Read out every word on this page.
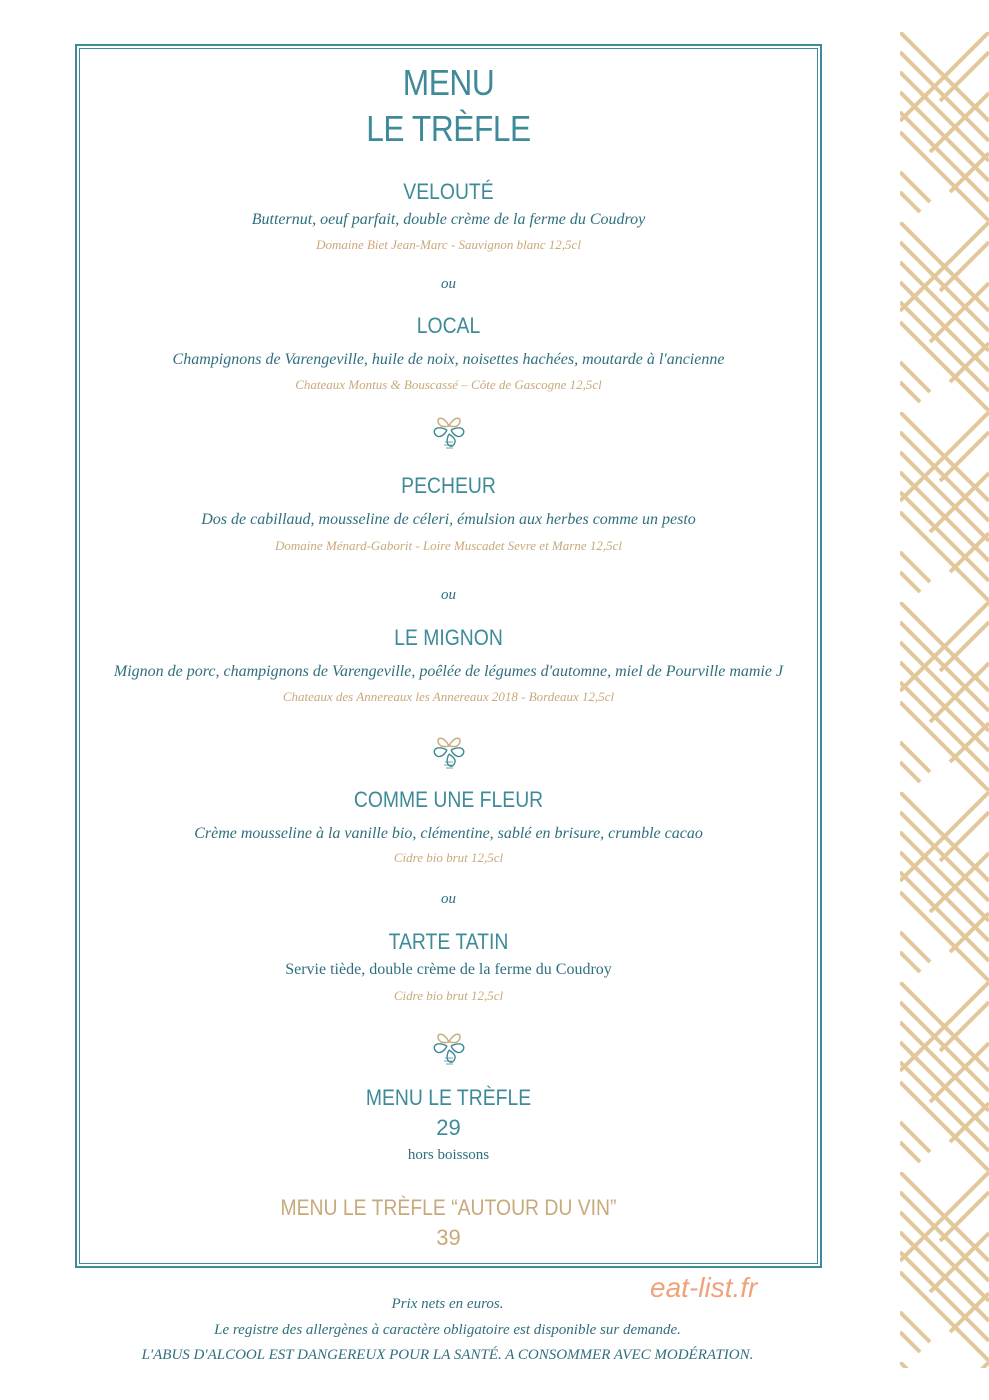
MENU
LE TRÈFLE
VELOUTÉ
Butternut, oeuf parfait, double crème de la ferme du Coudroy
Domaine Biet Jean-Marc - Sauvignon blanc 12,5cl
ou
LOCAL
Champignons de Varengeville, huile de noix, noisettes hachées, moutarde à l'ancienne
Chateaux Montus & Bouscassé – Côte de Gascogne 12,5cl
PECHEUR
Dos de cabillaud, mousseline de céleri, émulsion aux herbes comme un pesto
Domaine Ménard-Gaborit - Loire Muscadet Sevre et Marne 12,5cl
ou
LE MIGNON
Mignon de porc, champignons de Varengeville, poêlée de légumes d'automne, miel de Pourville mamie J
Chateaux des Annereaux les Annereaux 2018 - Bordeaux 12,5cl
COMME UNE FLEUR
Crème mousseline à la vanille bio, clémentine, sablé en brisure, crumble cacao
Cidre bio brut 12,5cl
ou
TARTE TATIN
Servie tiède, double crème de la ferme du Coudroy
Cidre bio brut 12,5cl
MENU LE TRÈFLE
29
hors boissons
MENU LE TRÈFLE “AUTOUR DU VIN”
39
eat-list.fr
Prix nets en euros.
Le registre des allergènes à caractère obligatoire est disponible sur demande.
L'ABUS D'ALCOOL EST DANGEREUX POUR LA SANTÉ. A CONSOMMER AVEC MODÉRATION.
